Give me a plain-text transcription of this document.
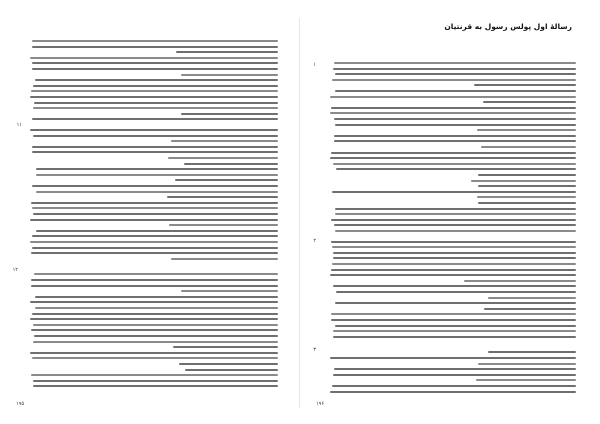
۱۱
۱۲
۱۹۵
رسالهٔ اول پولس رسول به قرنتیان
۱
۲
۳
۱۹۶
